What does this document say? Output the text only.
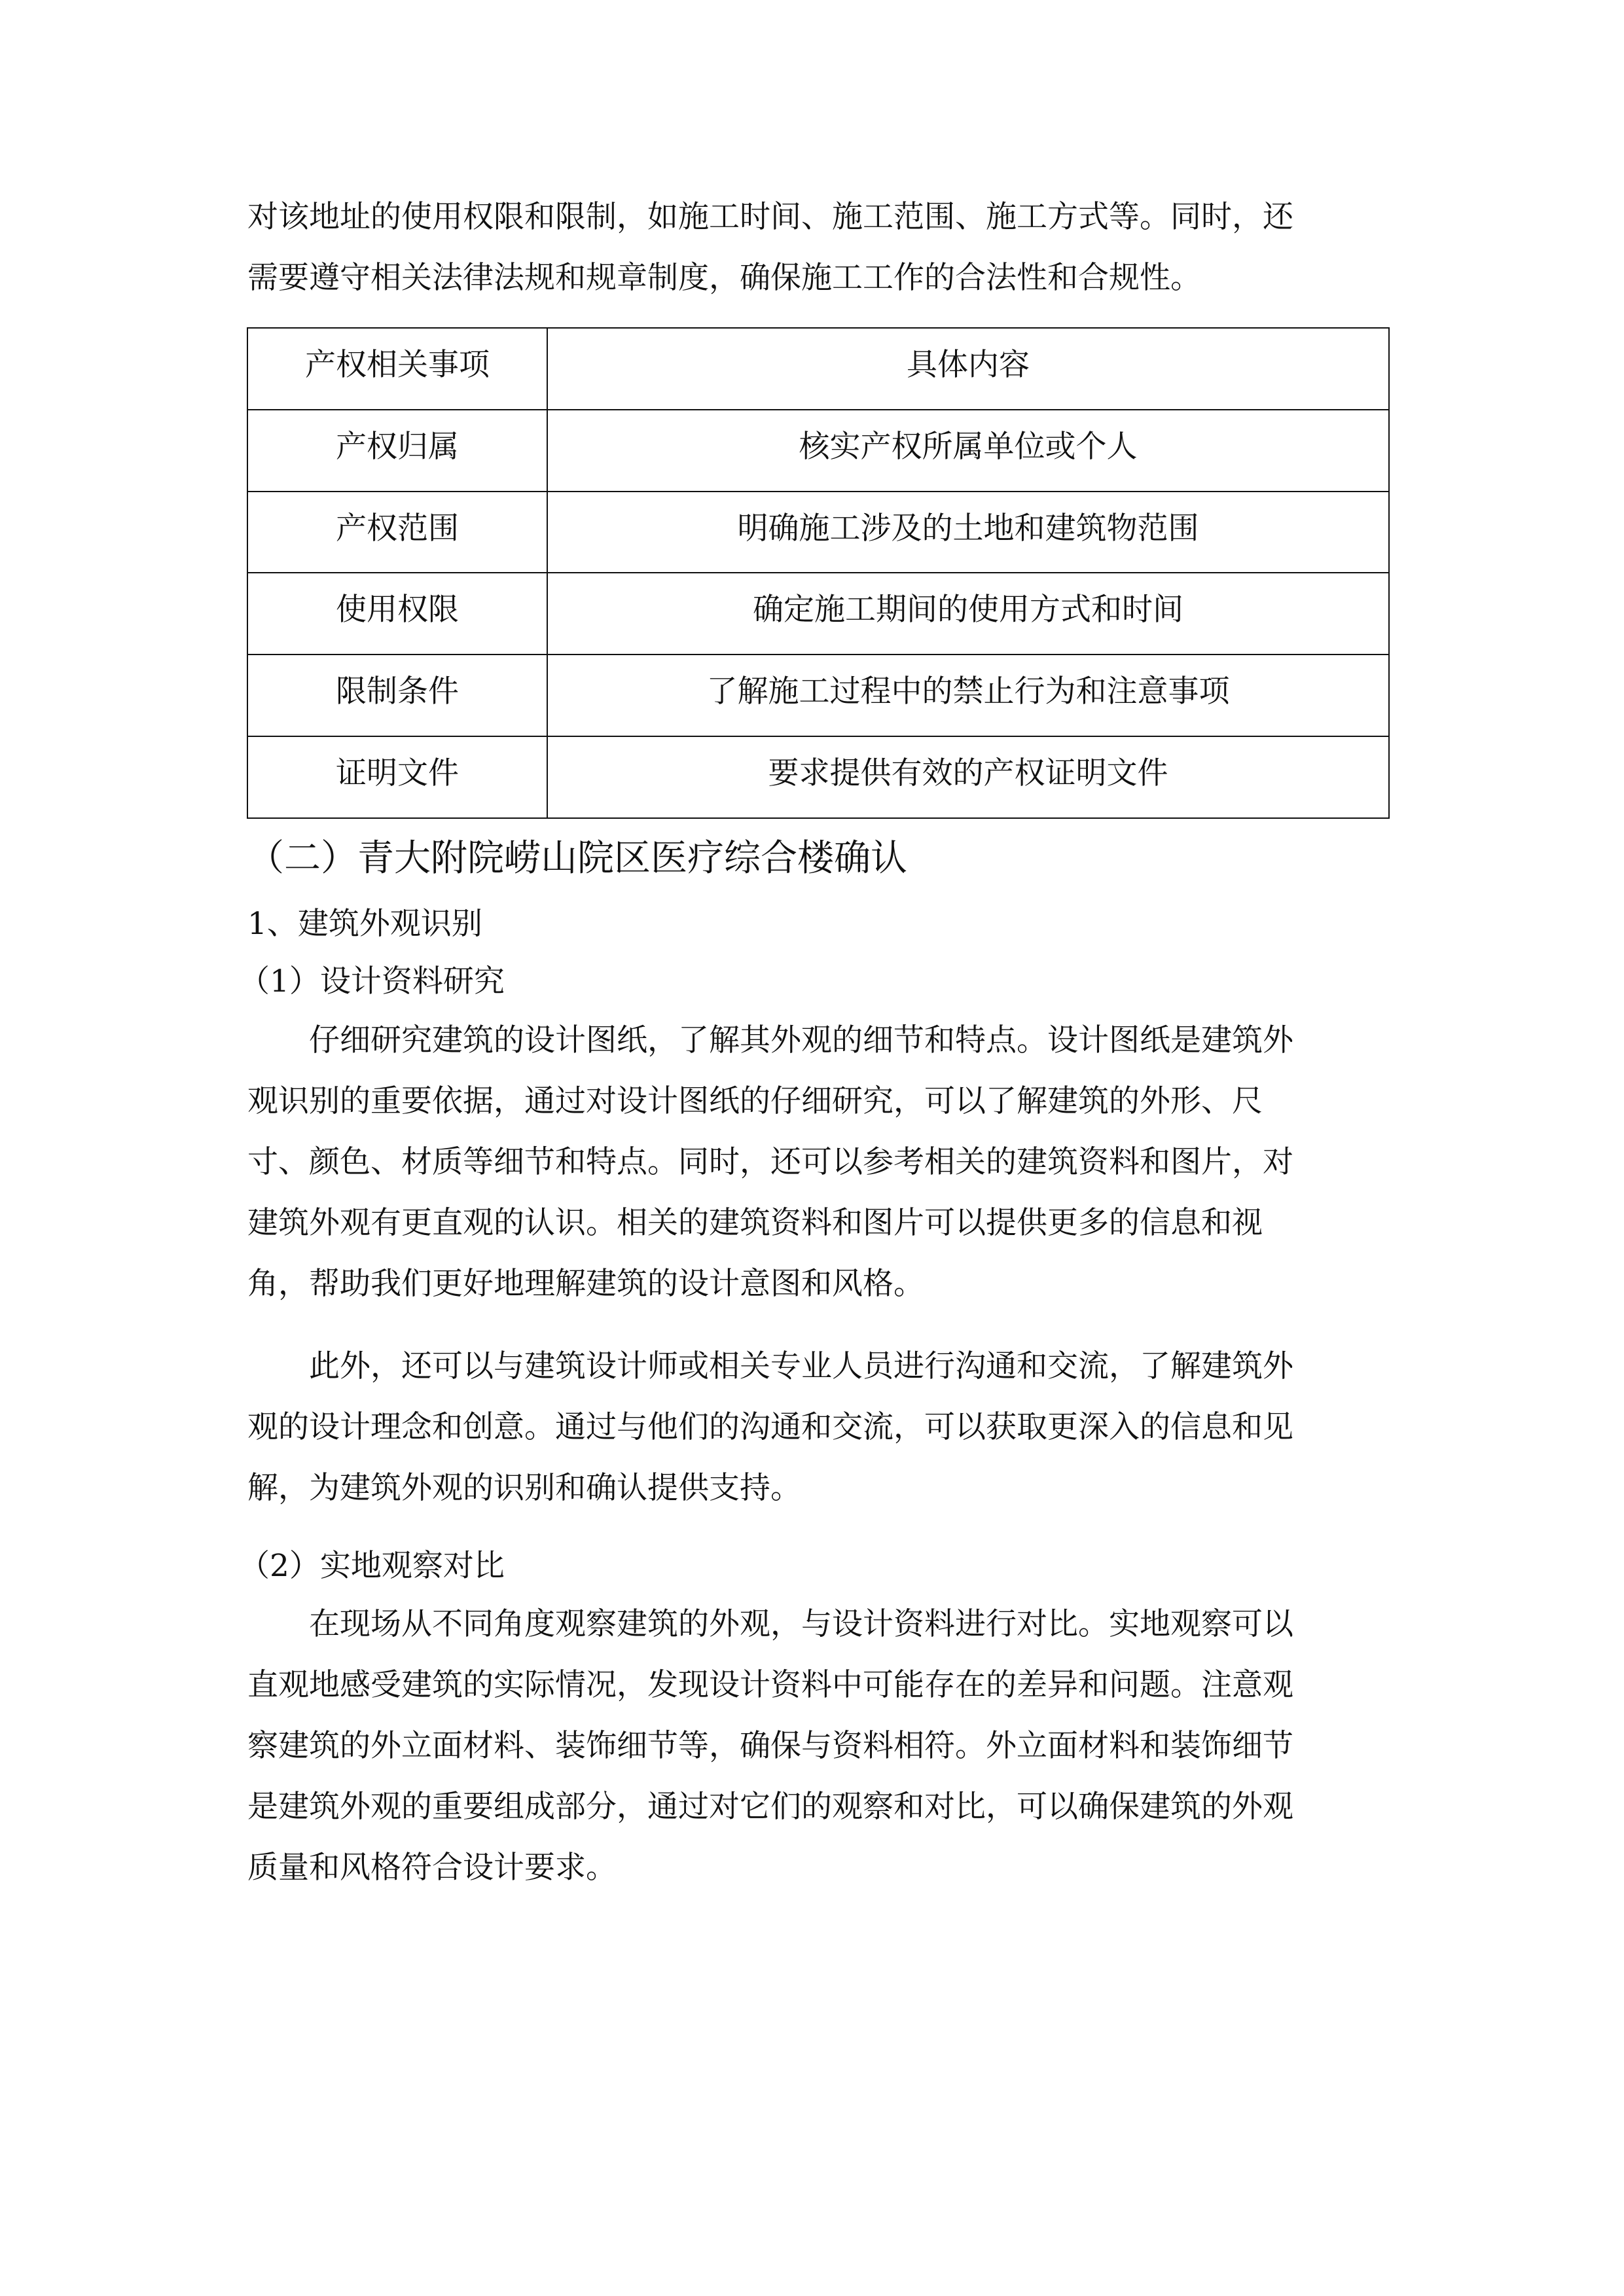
对该地址的使用权限和限制，如施工时间、施工范围、施工方式等。同时，还
需要遵守相关法律法规和规章制度，确保施工工作的合法性和合规性。
产权相关事项	具体内容
产权归属	核实产权所属单位或个人
产权范围	明确施工涉及的土地和建筑物范围
使用权限	确定施工期间的使用方式和时间
限制条件	了解施工过程中的禁止行为和注意事项
证明文件	要求提供有效的产权证明文件
（二）青大附院崂山院区医疗综合楼确认
1、建筑外观识别
（1）设计资料研究
仔细研究建筑的设计图纸，了解其外观的细节和特点。设计图纸是建筑外
观识别的重要依据，通过对设计图纸的仔细研究，可以了解建筑的外形、尺
寸、颜色、材质等细节和特点。同时，还可以参考相关的建筑资料和图片，对
建筑外观有更直观的认识。相关的建筑资料和图片可以提供更多的信息和视
角，帮助我们更好地理解建筑的设计意图和风格。
此外，还可以与建筑设计师或相关专业人员进行沟通和交流，了解建筑外
观的设计理念和创意。通过与他们的沟通和交流，可以获取更深入的信息和见
解，为建筑外观的识别和确认提供支持。
（2）实地观察对比
在现场从不同角度观察建筑的外观，与设计资料进行对比。实地观察可以
直观地感受建筑的实际情况，发现设计资料中可能存在的差异和问题。注意观
察建筑的外立面材料、装饰细节等，确保与资料相符。外立面材料和装饰细节
是建筑外观的重要组成部分，通过对它们的观察和对比，可以确保建筑的外观
质量和风格符合设计要求。
